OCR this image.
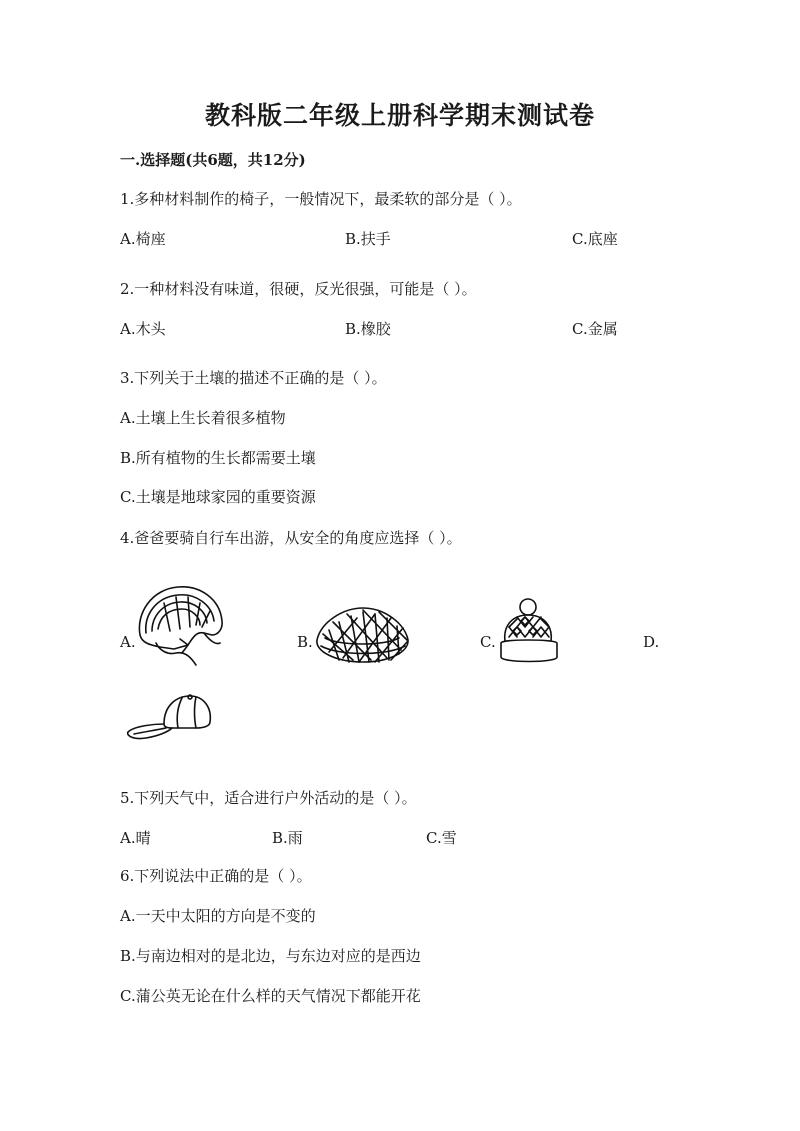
教科版二年级上册科学期末测试卷
一.选择题(共6题，共12分)
1.多种材料制作的椅子，一般情况下，最柔软的部分是（ ）。
A.椅座	B.扶手	C.底座
2.一种材料没有味道，很硬，反光很强，可能是（ ）。
A.木头	B.橡胶	C.金属
3.下列关于土壤的描述不正确的是（ ）。
A.土壤上生长着很多植物
B.所有植物的生长都需要土壤
C.土壤是地球家园的重要资源
4.爸爸要骑自行车出游，从安全的角度应选择（ ）。
A.	B.	C.	D.
5.下列天气中，适合进行户外活动的是（ ）。
A.晴	B.雨	C.雪
6.下列说法中正确的是（ ）。
A.一天中太阳的方向是不变的
B.与南边相对的是北边，与东边对应的是西边
C.蒲公英无论在什么样的天气情况下都能开花
